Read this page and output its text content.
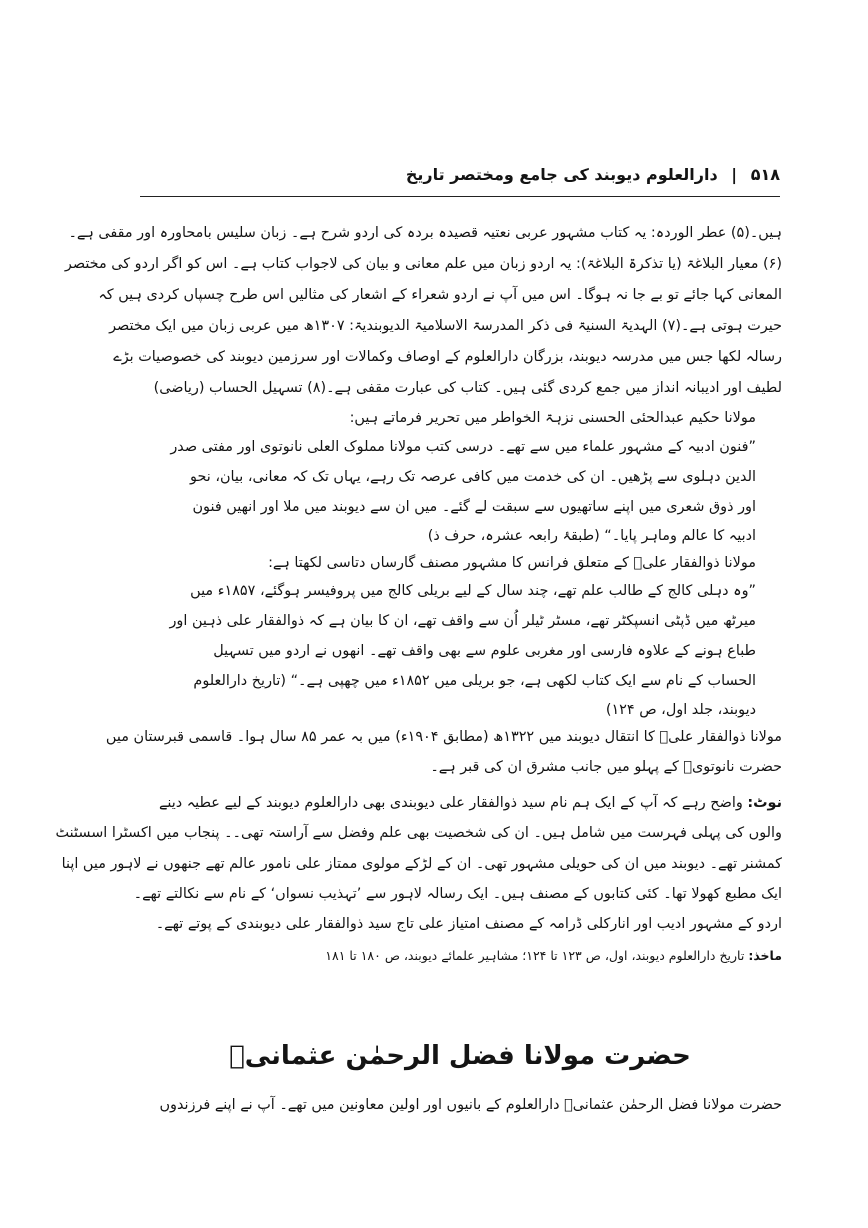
۵۱۸ | دارالعلوم دیوبند کی جامع ومختصر تاریخ
ہیں۔(۵) عطر الوردہ: یہ کتاب مشہور عربی نعتیہ قصیدہ بردہ کی اردو شرح ہے۔ زبان سلیس بامحاورہ اور مقفی ہے۔
(۶) معیار البلاغۃ (یا تذکرۃ البلاغۃ): یہ اردو زبان میں علم معانی و بیان کی لاجواب کتاب ہے۔ اس کو اگر اردو کی مختصر
المعانی کہا جائے تو بے جا نہ ہوگا۔ اس میں آپ نے اردو شعراء کے اشعار کی مثالیں اس طرح چسپاں کردی ہیں کہ
حیرت ہوتی ہے۔(۷) الہدیۃ السنیۃ فی ذکر المدرسۃ الاسلامیۃ الدیوبندیۃ: ۱۳۰۷ھ میں عربی زبان میں ایک مختصر
رسالہ لکھا جس میں مدرسہ دیوبند، بزرگان دارالعلوم کے اوصاف وکمالات اور سرزمین دیوبند کی خصوصیات بڑے
لطیف اور ادیبانہ انداز میں جمع کردی گئی ہیں۔ کتاب کی عبارت مقفی ہے۔(۸) تسہیل الحساب (ریاضی)
مولانا حکیم عبدالحئی الحسنی نزہۃ الخواطر میں تحریر فرماتے ہیں:
”فنون ادبیہ کے مشہور علماء میں سے تھے۔ درسی کتب مولانا مملوک العلی نانوتوی اور مفتی صدر
الدین دہلوی سے پڑھیں۔ ان کی خدمت میں کافی عرصہ تک رہے، یہاں تک کہ معانی، بیان، نحو
اور ذوق شعری میں اپنے ساتھیوں سے سبقت لے گئے۔ میں ان سے دیوبند میں ملا اور انھیں فنون
ادبیہ کا عالم وماہر پایا۔“ (طبقۂ رابعہ عشرہ، حرف ذ)
مولانا ذوالفقار علیؒ کے متعلق فرانس کا مشہور مصنف گارساں دتاسی لکھتا ہے:
”وہ دہلی کالج کے طالب علم تھے، چند سال کے لیے بریلی کالج میں پروفیسر ہوگئے، ۱۸۵۷ء میں
میرٹھ میں ڈپٹی انسپکٹر تھے، مسٹر ٹیلر اُن سے واقف تھے، ان کا بیان ہے کہ ذوالفقار علی ذہین اور
طباع ہونے کے علاوہ فارسی اور مغربی علوم سے بھی واقف تھے۔ انھوں نے اردو میں تسہیل
الحساب کے نام سے ایک کتاب لکھی ہے، جو بریلی میں ۱۸۵۲ء میں چھپی ہے۔“ (تاریخ دارالعلوم
دیوبند، جلد اول، ص ۱۲۴)
مولانا ذوالفقار علیؒ کا انتقال دیوبند میں ۱۳۲۲ھ (مطابق ۱۹۰۴ء) میں بہ عمر ۸۵ سال ہوا۔ قاسمی قبرستان میں
حضرت نانوتویؒ کے پہلو میں جانب مشرق ان کی قبر ہے۔
نوٹ: واضح رہے کہ آپ کے ایک ہم نام سید ذوالفقار علی دیوبندی بھی دارالعلوم دیوبند کے لیے عطیہ دینے
والوں کی پہلی فہرست میں شامل ہیں۔ ان کی شخصیت بھی علم وفضل سے آراستہ تھی۔۔ پنجاب میں اکسٹرا اسسٹنٹ
کمشنر تھے۔ دیوبند میں ان کی حویلی مشہور تھی۔ ان کے لڑکے مولوی ممتاز علی نامور عالم تھے جنھوں نے لاہور میں اپنا
ایک مطبع کھولا تھا۔ کئی کتابوں کے مصنف ہیں۔ ایک رسالہ لاہور سے ’تہذیب نسواں‘ کے نام سے نکالتے تھے۔
اردو کے مشہور ادیب اور انارکلی ڈرامہ کے مصنف امتیاز علی تاج سید ذوالفقار علی دیوبندی کے پوتے تھے۔
ماخذ: تاریخ دارالعلوم دیوبند، اول، ص ۱۲۳ تا ۱۲۴؛ مشاہیر علمائے دیوبند، ص ۱۸۰ تا ۱۸۱
حضرت مولانا فضل الرحمٰن عثمانیؒ
حضرت مولانا فضل الرحمٰن عثمانیؒ دارالعلوم کے بانیوں اور اولین معاونین میں تھے۔ آپ نے اپنے فرزندوں
